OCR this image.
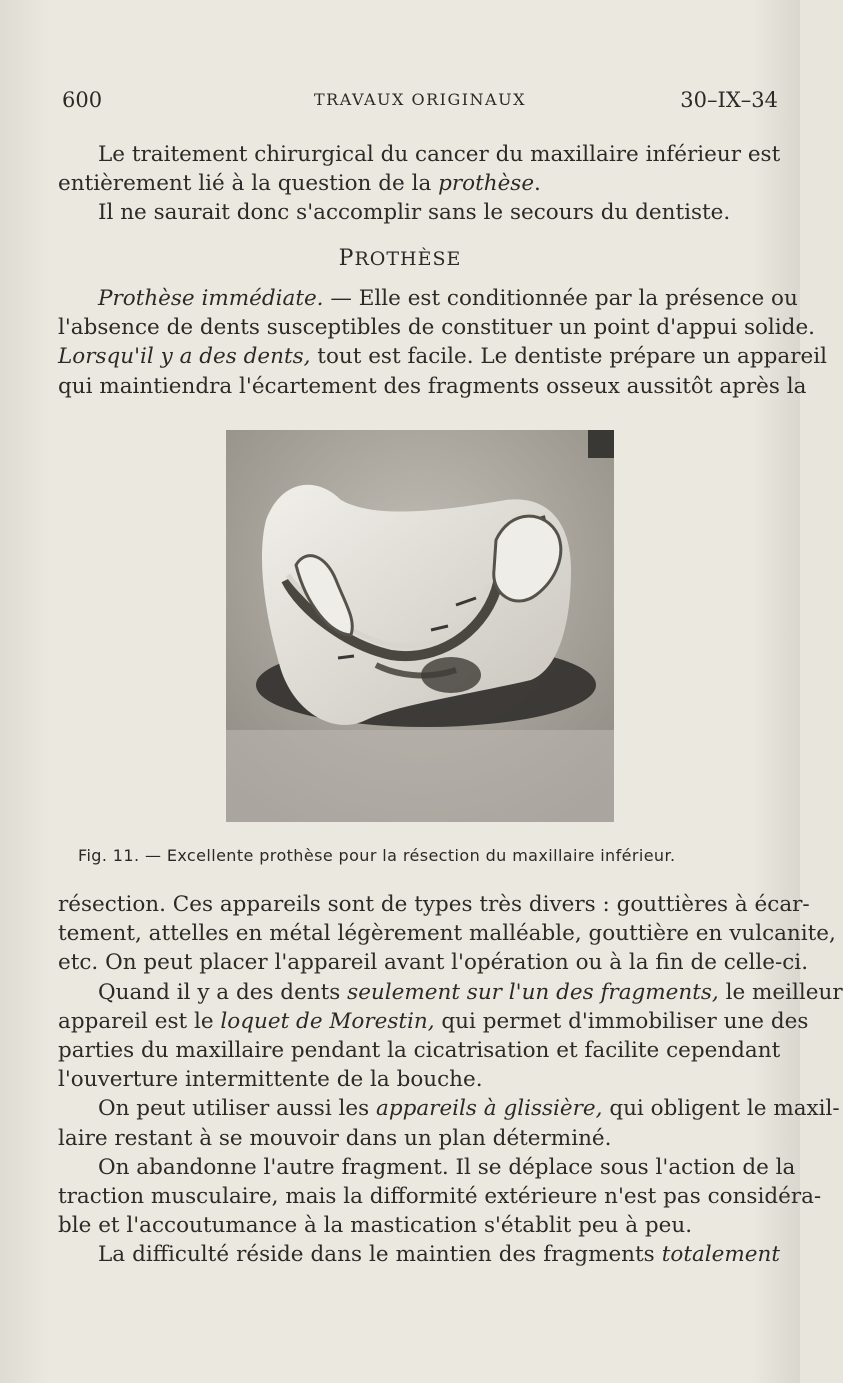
600	TRAVAUX ORIGINAUX	30–IX–34
Le traitement chirurgical du cancer du maxillaire inférieur est
entièrement lié à la question de la prothèse.
Il ne saurait donc s'accomplir sans le secours du dentiste.
PROTHÈSE
Prothèse immédiate. — Elle est conditionnée par la présence ou
l'absence de dents susceptibles de constituer un point d'appui solide.
Lorsqu'il y a des dents, tout est facile. Le dentiste prépare un appareil
qui maintiendra l'écartement des fragments osseux aussitôt après la
Fig. 11. — Excellente prothèse pour la résection du maxillaire inférieur.
résection. Ces appareils sont de types très divers : gouttières à écar-
tement, attelles en métal légèrement malléable, gouttière en vulcanite,
etc. On peut placer l'appareil avant l'opération ou à la fin de celle-ci.
Quand il y a des dents seulement sur l'un des fragments, le meilleur
appareil est le loquet de Morestin, qui permet d'immobiliser une des
parties du maxillaire pendant la cicatrisation et facilite cependant
l'ouverture intermittente de la bouche.
On peut utiliser aussi les appareils à glissière, qui obligent le maxil-
laire restant à se mouvoir dans un plan déterminé.
On abandonne l'autre fragment. Il se déplace sous l'action de la
traction musculaire, mais la difformité extérieure n'est pas considéra-
ble et l'accoutumance à la mastication s'établit peu à peu.
La difficulté réside dans le maintien des fragments totalement
